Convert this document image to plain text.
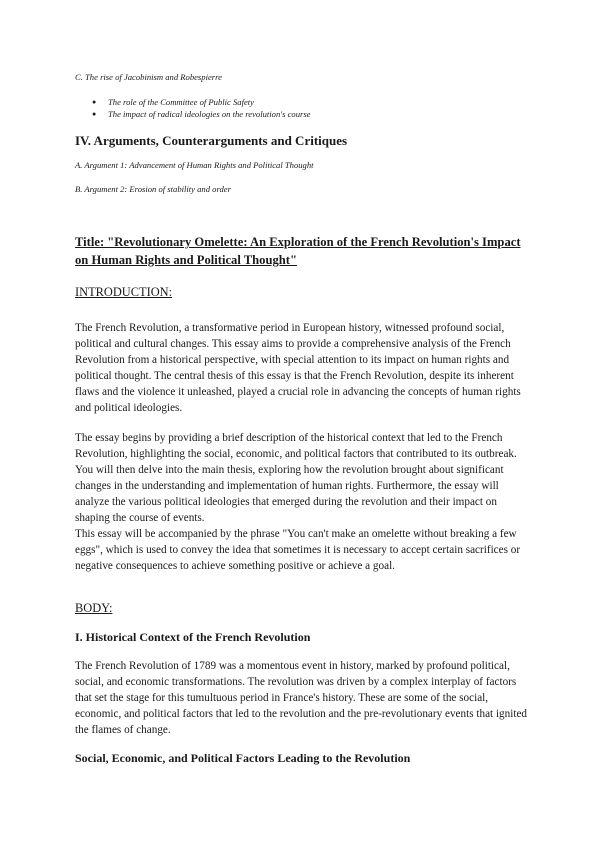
C. The rise of Jacobinism and Robespierre
● The role of the Committee of Public Safety
● The impact of radical ideologies on the revolution's course
IV. Arguments, Counterarguments and Critiques
A. Argument 1: Advancement of Human Rights and Political Thought
B. Argument 2: Erosion of stability and order
Title: "Revolutionary Omelette: An Exploration of the French Revolution's Impact on Human Rights and Political Thought"
INTRODUCTION:

The French Revolution, a transformative period in European history, witnessed profound social, political and cultural changes. This essay aims to provide a comprehensive analysis of the French Revolution from a historical perspective, with special attention to its impact on human rights and political thought. The central thesis of this essay is that the French Revolution, despite its inherent flaws and the violence it unleashed, played a crucial role in advancing the concepts of human rights and political ideologies.

The essay begins by providing a brief description of the historical context that led to the French Revolution, highlighting the social, economic, and political factors that contributed to its outbreak. You will then delve into the main thesis, exploring how the revolution brought about significant changes in the understanding and implementation of human rights. Furthermore, the essay will analyze the various political ideologies that emerged during the revolution and their impact on shaping the course of events.

This essay will be accompanied by the phrase "You can't make an omelette without breaking a few eggs", which is used to convey the idea that sometimes it is necessary to accept certain sacrifices or negative consequences to achieve something positive or achieve a goal.

BODY:
I. Historical Context of the French Revolution

The French Revolution of 1789 was a momentous event in history, marked by profound political, social, and economic transformations. The revolution was driven by a complex interplay of factors that set the stage for this tumultuous period in France's history. These are some of the social, economic, and political factors that led to the revolution and the pre-revolutionary events that ignited the flames of change.

Social, Economic, and Political Factors Leading to the Revolution
